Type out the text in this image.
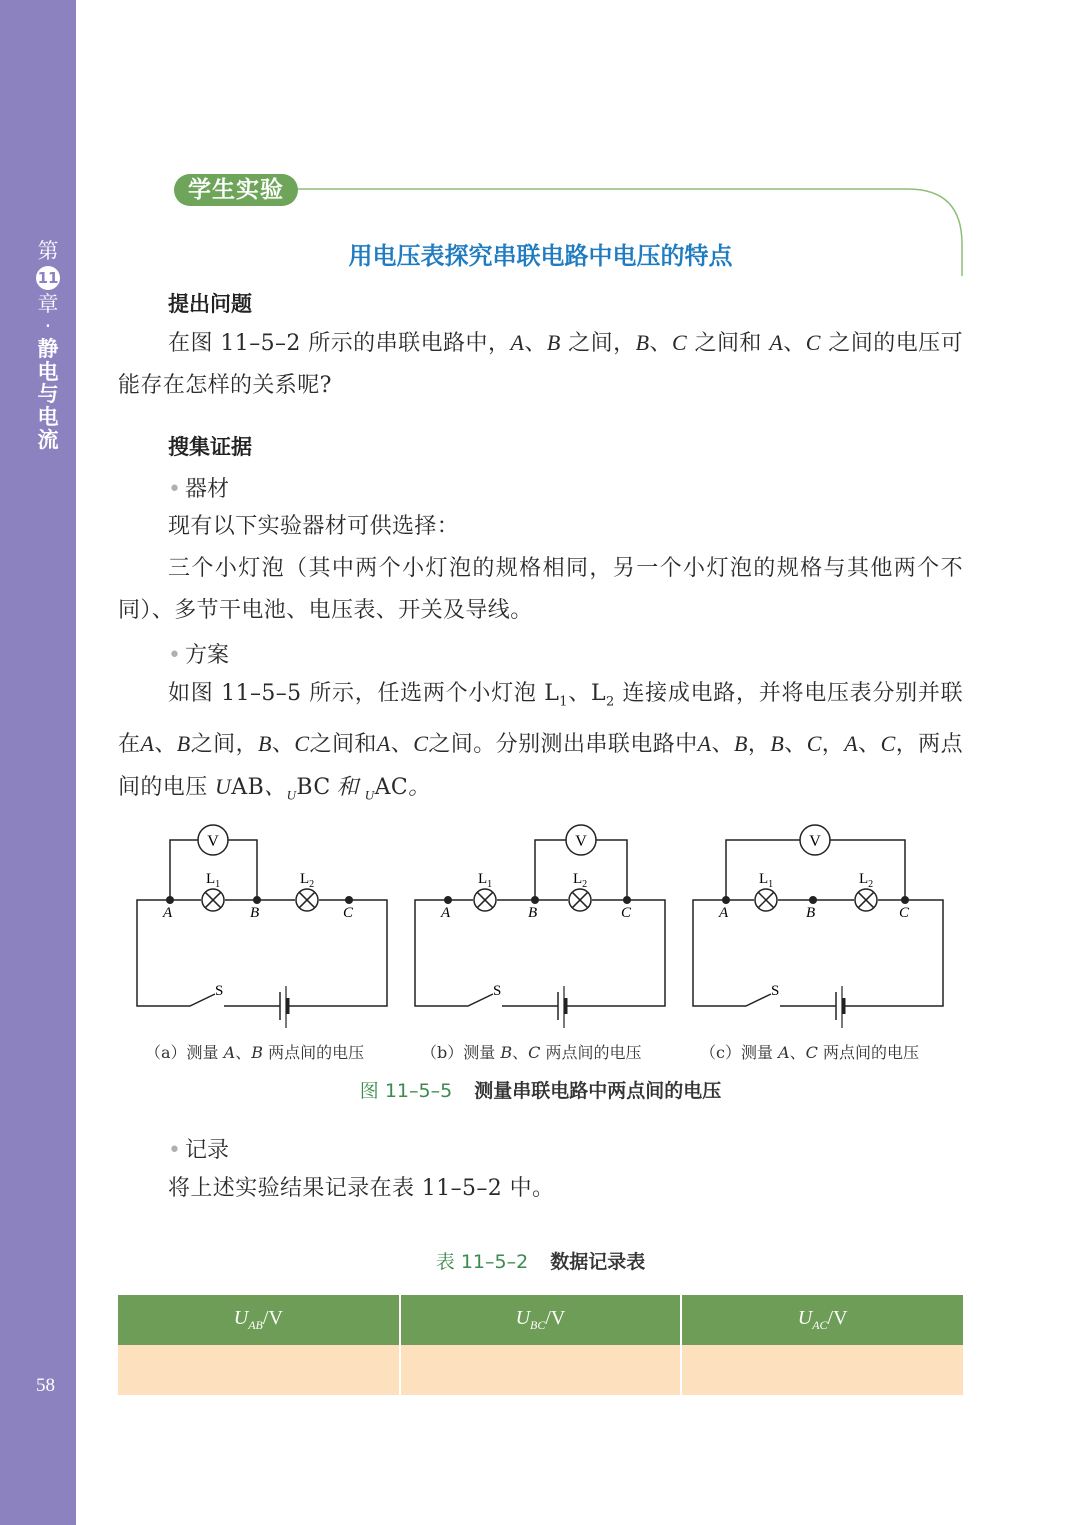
第
11
章
·
静
电
与
电
流
58
学生实验
用电压表探究串联电路中电压的特点
提出问题
在图 11–5–2 所示的串联电路中，A、B 之间，B、C 之间和 A、C 之间的电压可能存在怎样的关系呢?
搜集证据
• 器材
现有以下实验器材可供选择：
三个小灯泡（其中两个小灯泡的规格相同，另一个小灯泡的规格与其他两个不同）、多节干电池、电压表、开关及导线。
• 方案
如图 11–5–5 所示，任选两个小灯泡 $L_1$、$L_2$ 连接成电路，并将电压表分别并联在A、B之间，B、C之间和A、C之间。分别测出串联电路中A、B，B、C，A、C，两点间的电压 UAB、$_U$BC 和 $_U$AC。
V
$L_1$	$L_2$
A	B	C
S
V
$L_1$	$L_2$
A	B	C
S
V
$L_1$	$L_2$
A	B	C
S
（a）测量 A、B 两点间的电压	（b）测量 B、C 两点间的电压	（c）测量 A、C 两点间的电压
图 11–5–5 测量串联电路中两点间的电压
• 记录
将上述实验结果记录在表 11–5–2 中。
表 11–5–2 数据记录表
$U_{AB}/V$	$U_{BC}/V$	$U_{AC}/V$
